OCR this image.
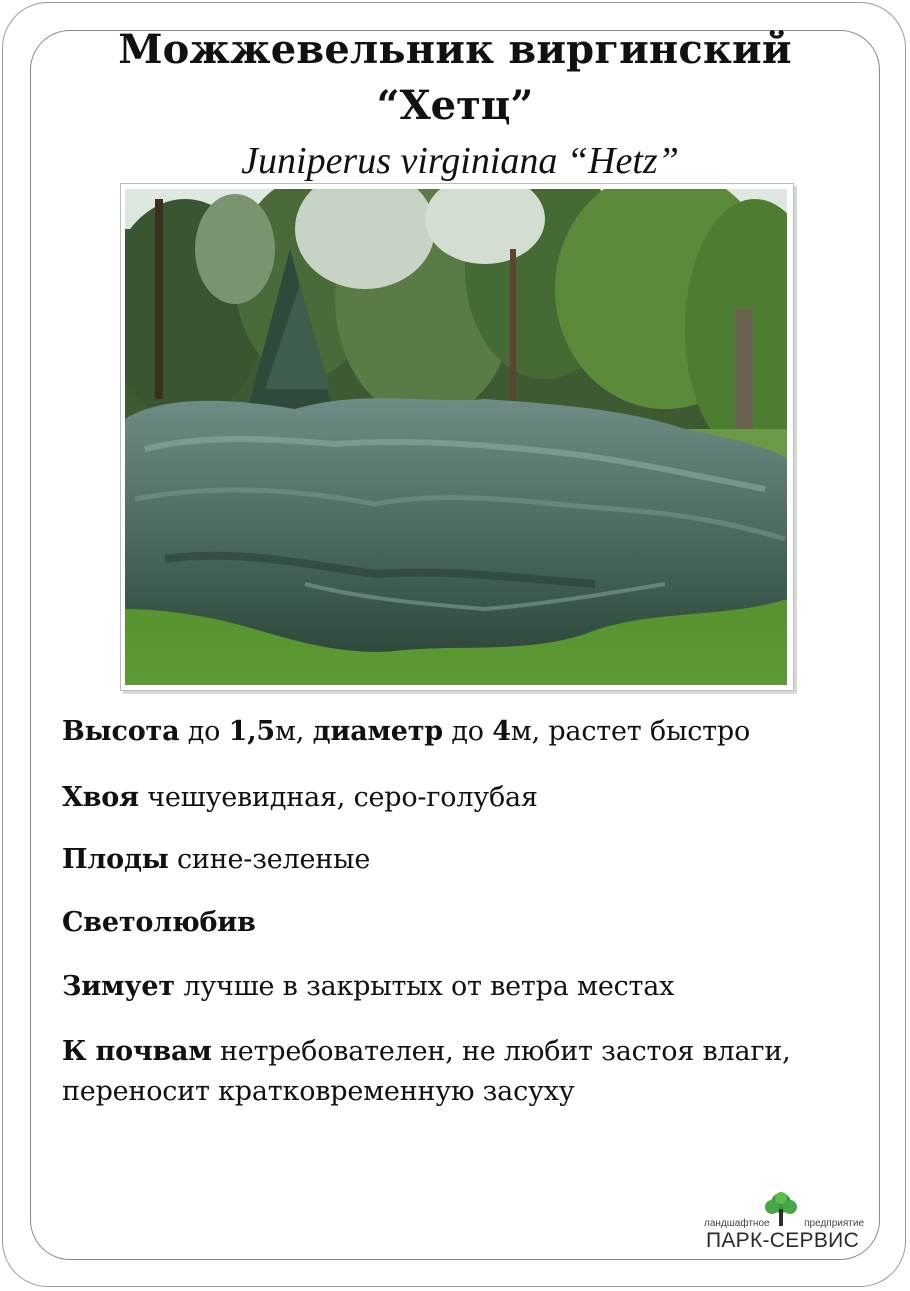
Можжевельник виргинский
“Хетц”
Juniperus virginiana “Hetz”
Высота до 1,5м, диаметр до 4м, растет быстро
Хвоя чешуевидная, серо-голубая
Плоды сине-зеленые
Светолюбив
Зимует лучше в закрытых от ветра местах
К почвам нетребователен, не любит застоя влаги,
переносит кратковременную засуху
ландшафтное	предприятие
ПАРК-СЕРВИС
